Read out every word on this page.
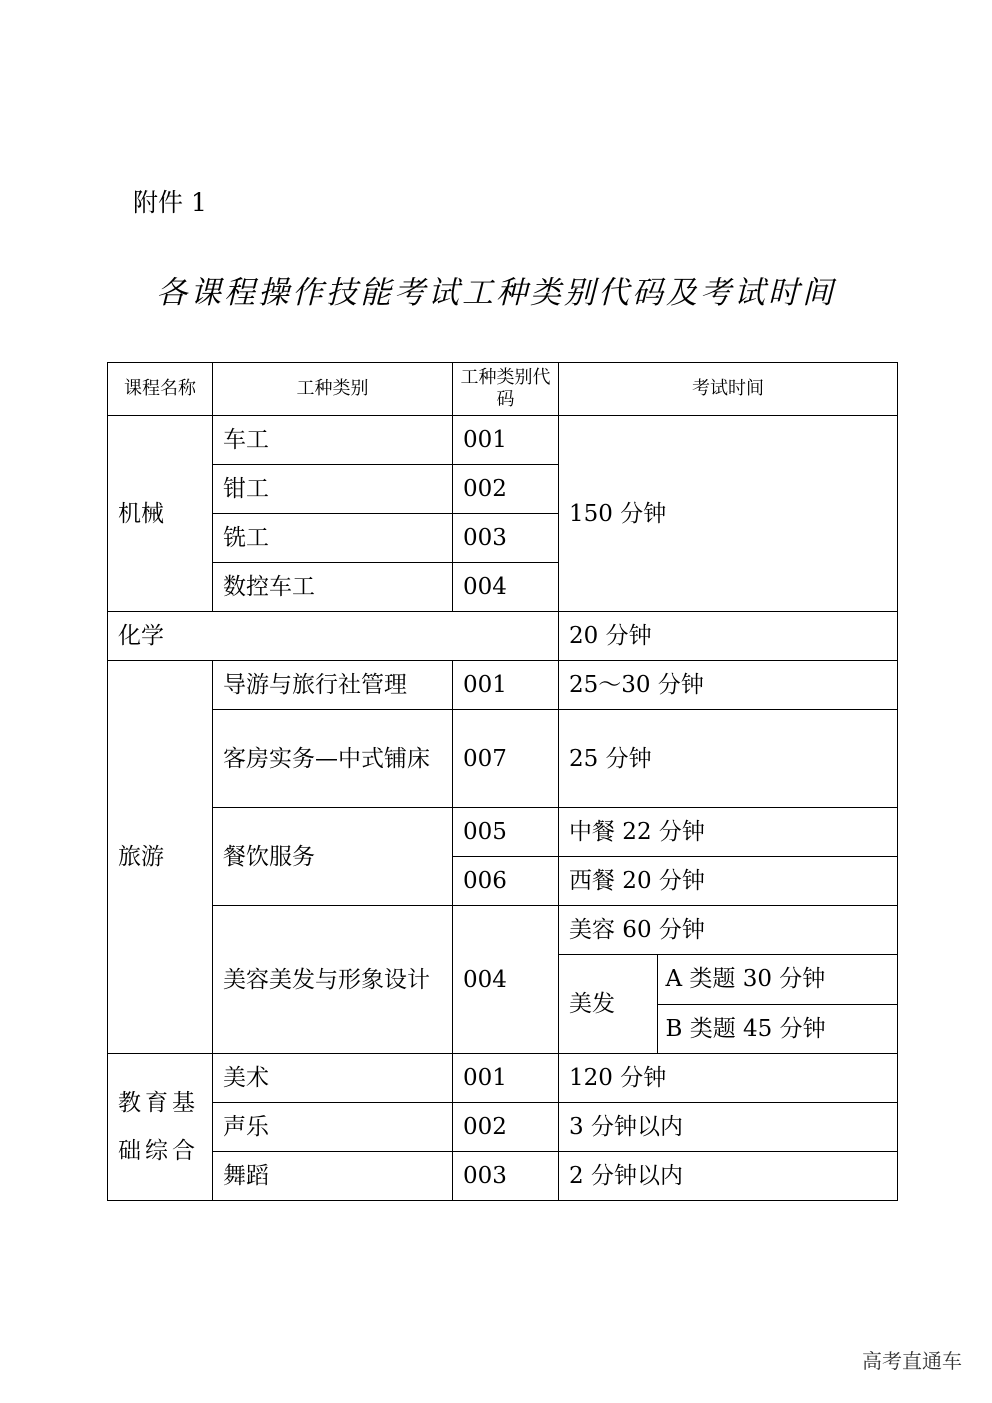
附件 1
各课程操作技能考试工种类别代码及考试时间
课程名称	工种类别	工种类别代码	考试时间
机械	车工	001	150 分钟
钳工	002
铣工	003
数控车工	004
化学	20 分钟
旅游	导游与旅行社管理	001	25～30 分钟
客房实务—中式铺床	007	25 分钟
餐饮服务	005	中餐 22 分钟
006	西餐 20 分钟
美容美发与形象设计	004	美容 60 分钟

美发	A 类题 30 分钟
B 类题 45 分钟

教育基础综合	美术	001	120 分钟
声乐	002	3 分钟以内
舞蹈	003	2 分钟以内
高考直通车
